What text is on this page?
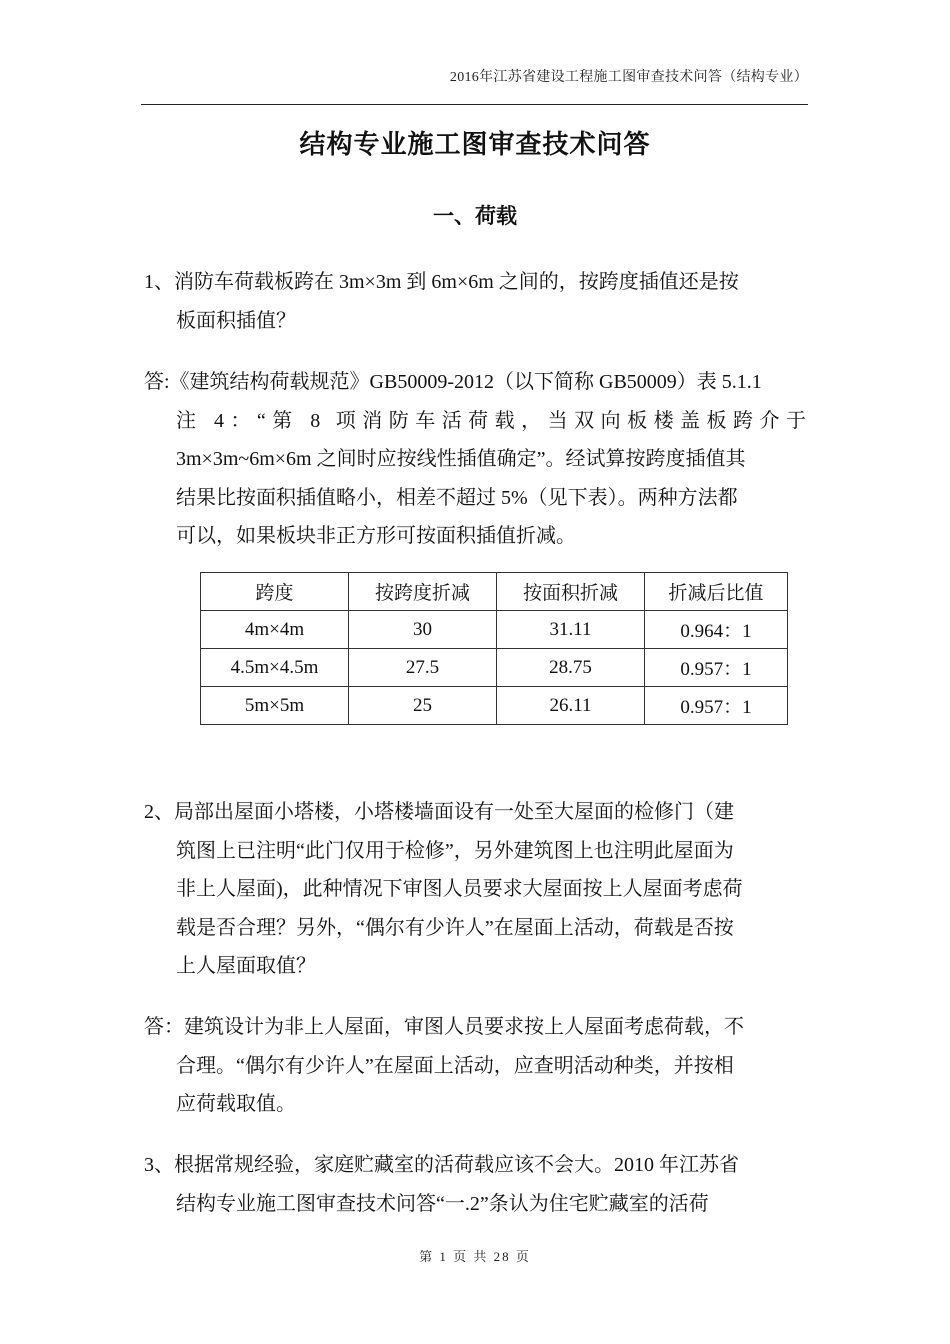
2016年江苏省建设工程施工图审查技术问答（结构专业）
结构专业施工图审查技术问答
一、荷载
1、消防车荷载板跨在 3m×3m 到 6m×6m 之间的，按跨度插值还是按
板面积插值？
答:《建筑结构荷载规范》GB50009-2012（以下简称 GB50009）表 5.1.1
注 4：“第 8 项消防车活荷载，当双向板楼盖板跨介于
3m×3m~6m×6m 之间时应按线性插值确定”。经试算按跨度插值其
结果比按面积插值略小，相差不超过 5%（见下表）。两种方法都
可以，如果板块非正方形可按面积插值折减。
跨度	按跨度折减	按面积折减	折减后比值
4m×4m	30	31.11	0.964：1
4.5m×4.5m	27.5	28.75	0.957：1
5m×5m	25	26.11	0.957：1
2、局部出屋面小塔楼，小塔楼墙面设有一处至大屋面的检修门（建
筑图上已注明“此门仅用于检修”，另外建筑图上也注明此屋面为
非上人屋面)，此种情况下审图人员要求大屋面按上人屋面考虑荷
载是否合理？另外，“偶尔有少许人”在屋面上活动，荷载是否按
上人屋面取值？
答：建筑设计为非上人屋面，审图人员要求按上人屋面考虑荷载，不
合理。“偶尔有少许人”在屋面上活动，应查明活动种类，并按相
应荷载取值。
3、根据常规经验，家庭贮藏室的活荷载应该不会大。2010 年江苏省
结构专业施工图审查技术问答“一.2”条认为住宅贮藏室的活荷
第 1 页 共 28 页
